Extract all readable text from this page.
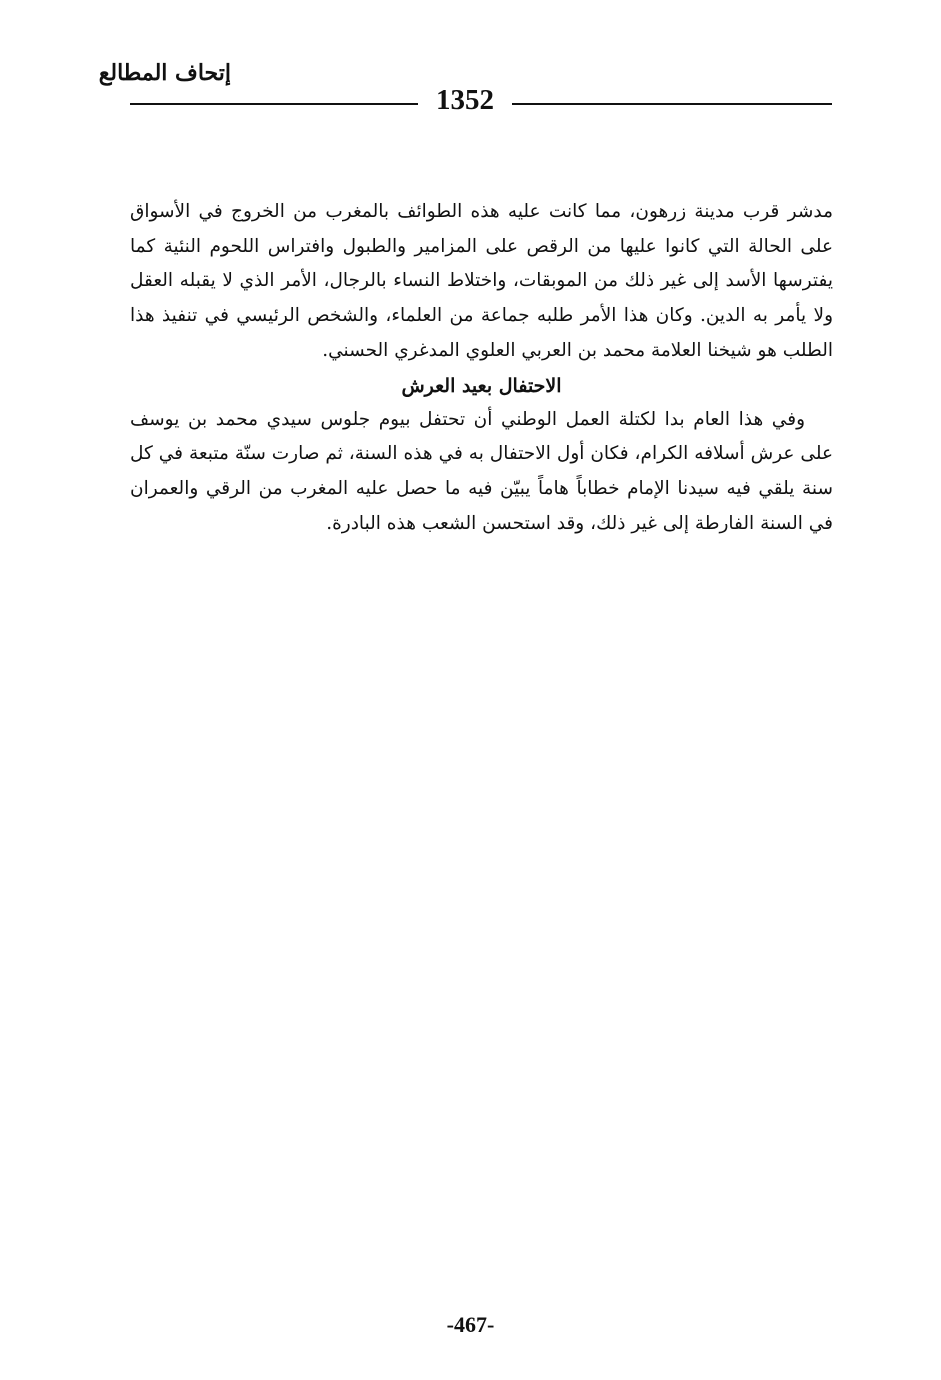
إتحاف المطالع
1352

مدشر قرب مدينة زرهون، مما كانت عليه هذه الطوائف بالمغرب من الخروج في الأسواق على الحالة التي كانوا عليها من الرقص على المزامير والطبول وافتراس اللحوم النئية كما يفترسها الأسد إلى غير ذلك من الموبقات، واختلاط النساء بالرجال، الأمر الذي لا يقبله العقل ولا يأمر به الدين. وكان هذا الأمر طلبه جماعة من العلماء، والشخص الرئيسي في تنفيذ هذا الطلب هو شيخنا العلامة محمد بن العربي العلوي المدغري الحسني.

الاحتفال بعيد العرش

وفي هذا العام بدا لكتلة العمل الوطني أن تحتفل بيوم جلوس سيدي محمد بن يوسف على عرش أسلافه الكرام، فكان أول الاحتفال به في هذه السنة، ثم صارت سنّة متبعة في كل سنة يلقي فيه سيدنا الإمام خطاباً هاماً يبيّن فيه ما حصل عليه المغرب من الرقي والعمران في السنة الفارطة إلى غير ذلك، وقد استحسن الشعب هذه البادرة.

-467-
